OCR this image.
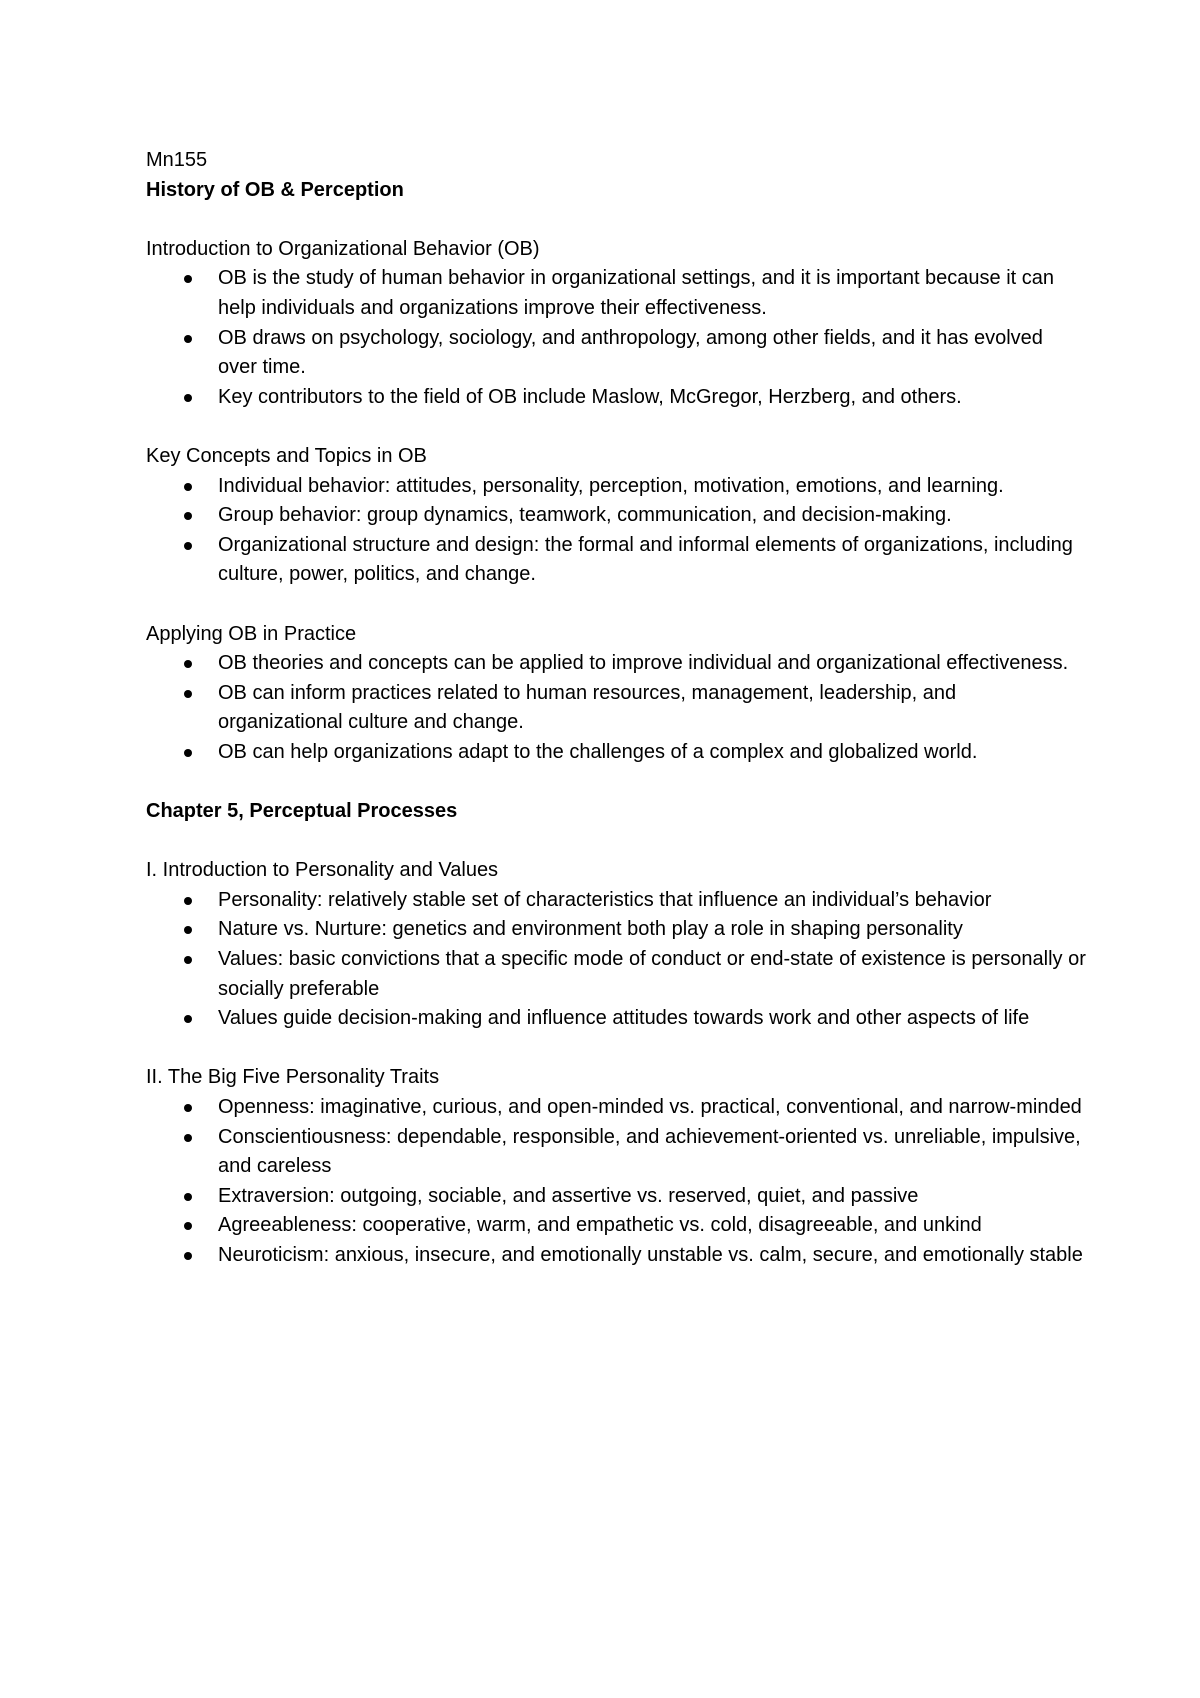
Mn155

History of OB & Perception

Introduction to Organizational Behavior (OB)

OB is the study of human behavior in organizational settings, and it is important because it can help individuals and organizations improve their effectiveness.
OB draws on psychology, sociology, and anthropology, among other fields, and it has evolved over time.
Key contributors to the field of OB include Maslow, McGregor, Herzberg, and others.

Key Concepts and Topics in OB

Individual behavior: attitudes, personality, perception, motivation, emotions, and learning.
Group behavior: group dynamics, teamwork, communication, and decision-making.
Organizational structure and design: the formal and informal elements of organizations, including culture, power, politics, and change.

Applying OB in Practice

OB theories and concepts can be applied to improve individual and organizational effectiveness.
OB can inform practices related to human resources, management, leadership, and organizational culture and change.
OB can help organizations adapt to the challenges of a complex and globalized world.

Chapter 5, Perceptual Processes

I. Introduction to Personality and Values

Personality: relatively stable set of characteristics that influence an individual’s behavior
Nature vs. Nurture: genetics and environment both play a role in shaping personality
Values: basic convictions that a specific mode of conduct or end-state of existence is personally or socially preferable
Values guide decision-making and influence attitudes towards work and other aspects of life

II. The Big Five Personality Traits

Openness: imaginative, curious, and open-minded vs. practical, conventional, and narrow-minded
Conscientiousness: dependable, responsible, and achievement-oriented vs. unreliable, impulsive, and careless
Extraversion: outgoing, sociable, and assertive vs. reserved, quiet, and passive
Agreeableness: cooperative, warm, and empathetic vs. cold, disagreeable, and unkind
Neuroticism: anxious, insecure, and emotionally unstable vs. calm, secure, and emotionally stable
